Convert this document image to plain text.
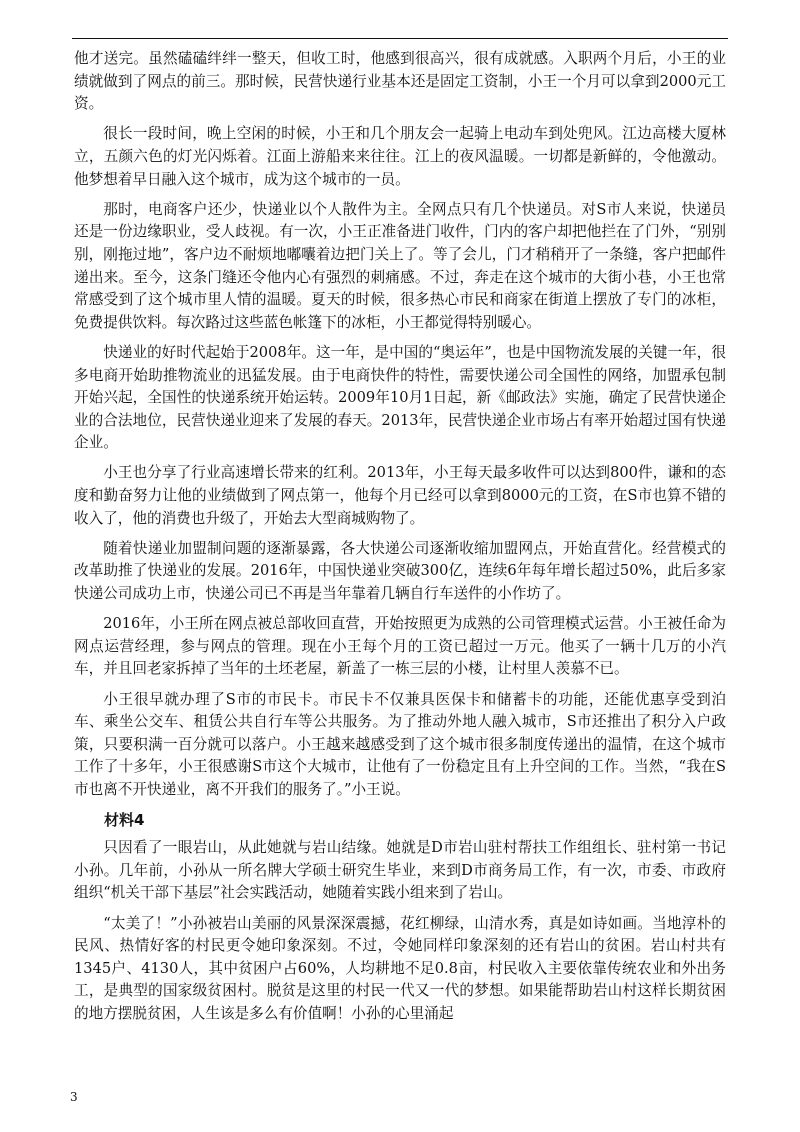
他才送完。虽然磕磕绊绊一整天，但收工时，他感到很高兴，很有成就感。入职两个月后，小王的业绩就做到了网点的前三。那时候，民营快递行业基本还是固定工资制，小王一个月可以拿到2000元工资。

很长一段时间，晚上空闲的时候，小王和几个朋友会一起骑上电动车到处兜风。江边高楼大厦林立，五颜六色的灯光闪烁着。江面上游船来来往往。江上的夜风温暖。一切都是新鲜的，令他激动。他梦想着早日融入这个城市，成为这个城市的一员。

那时，电商客户还少，快递业以个人散件为主。全网点只有几个快递员。对S市人来说，快递员还是一份边缘职业，受人歧视。有一次，小王正准备进门收件，门内的客户却把他拦在了门外，“别别别，刚拖过地”，客户边不耐烦地嘟囔着边把门关上了。等了会儿，门才稍稍开了一条缝，客户把邮件递出来。至今，这条门缝还令他内心有强烈的刺痛感。不过，奔走在这个城市的大街小巷，小王也常常感受到了这个城市里人情的温暖。夏天的时候，很多热心市民和商家在街道上摆放了专门的冰柜，免费提供饮料。每次路过这些蓝色帐篷下的冰柜，小王都觉得特别暖心。

快递业的好时代起始于2008年。这一年，是中国的“奥运年”，也是中国物流发展的关键一年，很多电商开始助推物流业的迅猛发展。由于电商快件的特性，需要快递公司全国性的网络，加盟承包制开始兴起，全国性的快递系统开始运转。2009年10月1日起，新《邮政法》实施，确定了民营快递企业的合法地位，民营快递业迎来了发展的春天。2013年，民营快递企业市场占有率开始超过国有快递企业。

小王也分享了行业高速增长带来的红利。2013年，小王每天最多收件可以达到800件，谦和的态度和勤奋努力让他的业绩做到了网点第一，他每个月已经可以拿到8000元的工资，在S市也算不错的收入了，他的消费也升级了，开始去大型商城购物了。

随着快递业加盟制问题的逐渐暴露，各大快递公司逐渐收缩加盟网点，开始直营化。经营模式的改革助推了快递业的发展。2016年，中国快递业突破300亿，连续6年每年增长超过50%，此后多家快递公司成功上市，快递公司已不再是当年靠着几辆自行车送件的小作坊了。

2016年，小王所在网点被总部收回直营，开始按照更为成熟的公司管理模式运营。小王被任命为网点运营经理，参与网点的管理。现在小王每个月的工资已超过一万元。他买了一辆十几万的小汽车，并且回老家拆掉了当年的土坯老屋，新盖了一栋三层的小楼，让村里人羡慕不已。

小王很早就办理了S市的市民卡。市民卡不仅兼具医保卡和储蓄卡的功能，还能优惠享受到泊车、乘坐公交车、租赁公共自行车等公共服务。为了推动外地人融入城市，S市还推出了积分入户政策，只要积满一百分就可以落户。小王越来越感受到了这个城市很多制度传递出的温情，在这个城市工作了十多年，小王很感谢S市这个大城市，让他有了一份稳定且有上升空间的工作。当然，“我在S市也离不开快递业，离不开我们的服务了。”小王说。

材料4

只因看了一眼岩山，从此她就与岩山结缘。她就是D市岩山驻村帮扶工作组组长、驻村第一书记小孙。几年前，小孙从一所名牌大学硕士研究生毕业，来到D市商务局工作，有一次，市委、市政府组织“机关干部下基层”社会实践活动，她随着实践小组来到了岩山。

“太美了！”小孙被岩山美丽的风景深深震撼，花红柳绿，山清水秀，真是如诗如画。当地淳朴的民风、热情好客的村民更令她印象深刻。不过，令她同样印象深刻的还有岩山的贫困。岩山村共有1345户、4130人，其中贫困户占60%，人均耕地不足0.8亩，村民收入主要依靠传统农业和外出务工，是典型的国家级贫困村。脱贫是这里的村民一代又一代的梦想。如果能帮助岩山村这样长期贫困的地方摆脱贫困，人生该是多么有价值啊！小孙的心里涌起

3
